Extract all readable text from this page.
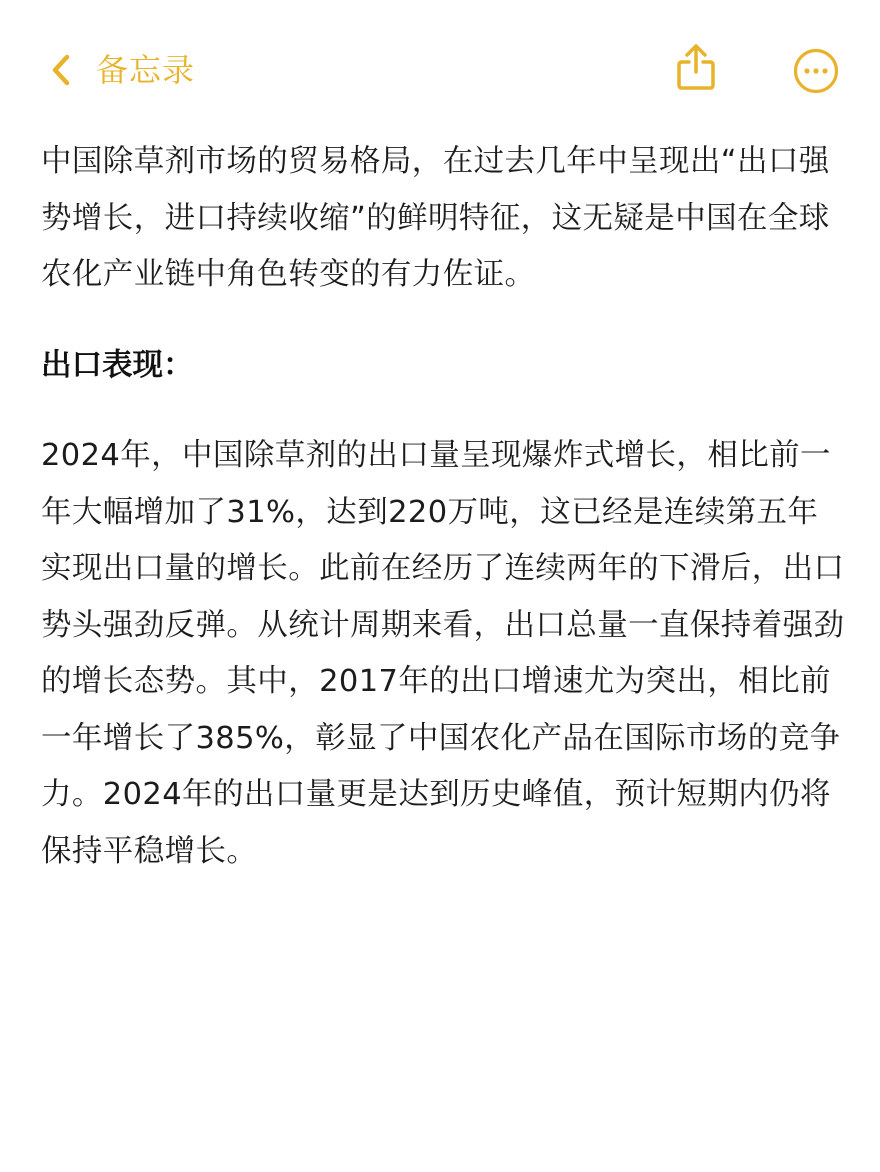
备忘录

中国除草剂市场的贸易格局，在过去几年中呈现出“出口强势增长，进口持续收缩”的鲜明特征，这无疑是中国在全球农化产业链中角色转变的有力佐证。

出口表现：

2024年，中国除草剂的出口量呈现爆炸式增长，相比前一年大幅增加了31%，达到220万吨，这已经是连续第五年实现出口量的增长。此前在经历了连续两年的下滑后，出口势头强劲反弹。从统计周期来看，出口总量一直保持着强劲的增长态势。其中，2017年的出口增速尤为突出，相比前一年增长了385%，彰显了中国农化产品在国际市场的竞争力。2024年的出口量更是达到历史峰值，预计短期内仍将保持平稳增长。
